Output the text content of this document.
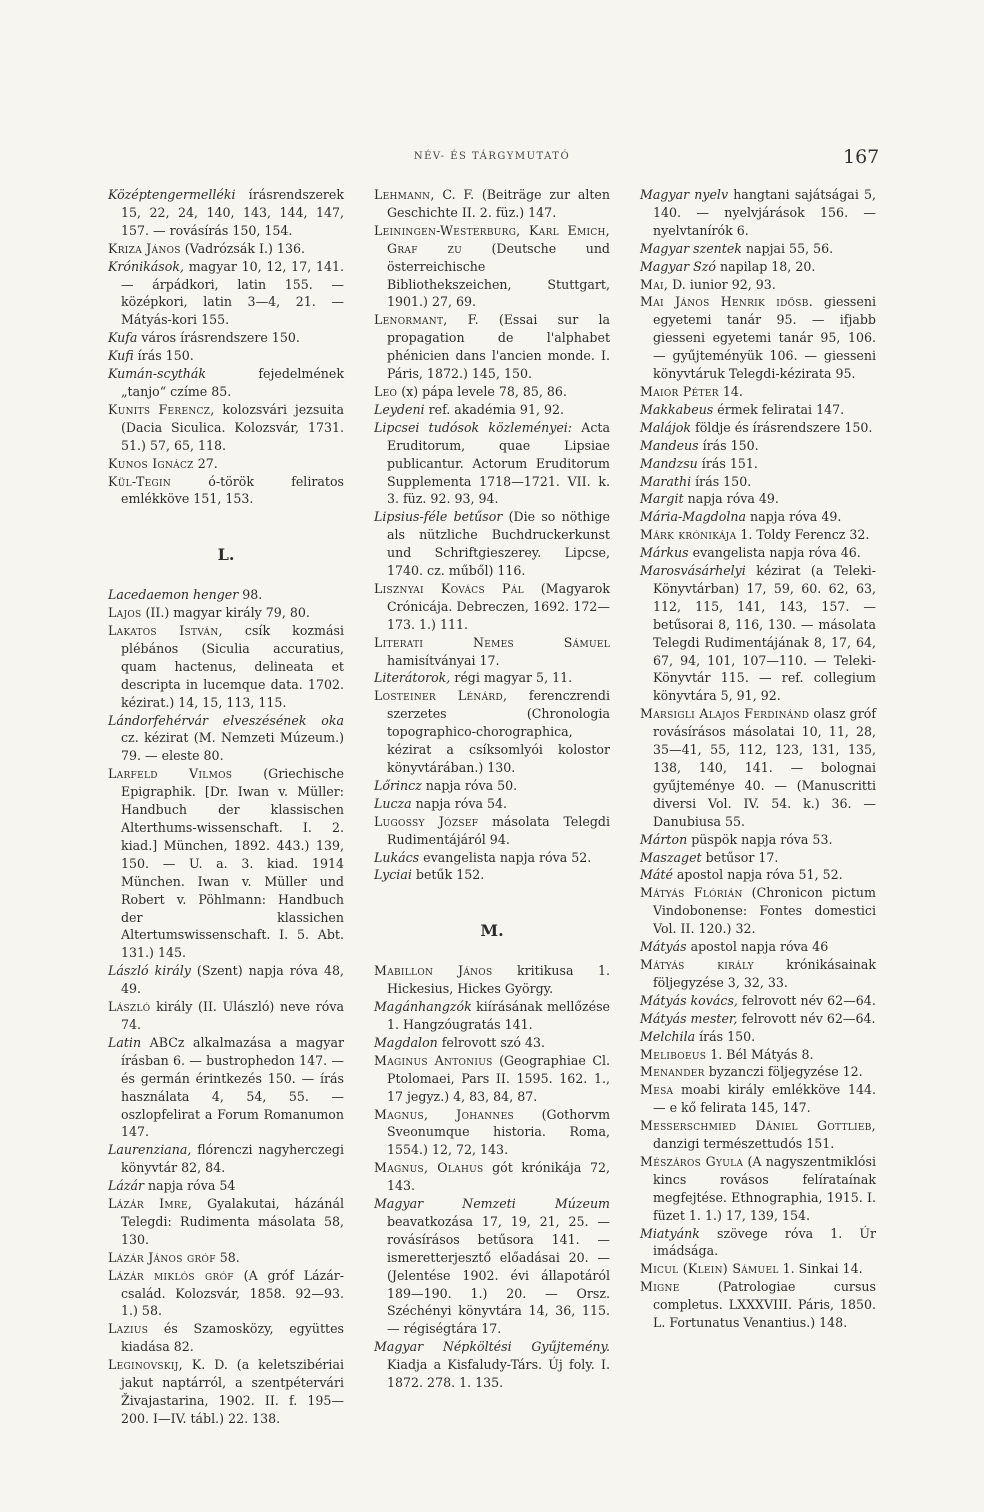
NÉV- ÉS TÁRGYMUTATÓ	167

Középtengermelléki írásrendszerek 15, 22, 24, 140, 143, 144, 147, 157. — rovásírás 150, 154.

Kriza János (Vadrózsák I.) 136.

Krónikások, magyar 10, 12, 17, 141. — árpádkori, latin 155. — középkori, latin 3—4, 21. — Mátyás-kori 155.

Kufa város írásrendszere 150.

Kufi írás 150.

Kumán-scythák fejedelmének „tanjo“ czíme 85.

Kunits Ferencz, kolozsvári jezsuita (Dacia Siculica. Kolozsvár, 1731. 51.) 57, 65, 118.

Kunos Ignácz 27.

Kül-Tegin ó-török feliratos emlékköve 151, 153.

L.

Lacedaemon henger 98.

Lajos (II.) magyar király 79, 80.

Lakatos István, csík kozmási plébános (Siculia accuratius, quam hactenus, delineata et descripta in lucemque data. 1702. kézirat.) 14, 15, 113, 115.

Lándorfehérvár elveszésének oka cz. kézirat (M. Nemzeti Múzeum.) 79. — eleste 80.

Larfeld Vilmos (Griechische Epigraphik. [Dr. Iwan v. Müller: Handbuch der klassischen Alterthums-wissenschaft. I. 2. kiad.] München, 1892. 443.) 139, 150. — U. a. 3. kiad. 1914 München. Iwan v. Müller und Robert v. Pöhlmann: Handbuch der klassichen Altertumswissenschaft. I. 5. Abt. 131.) 145.

László király (Szent) napja róva 48, 49.

László király (II. Ulászló) neve róva 74.

Latin ABCz alkalmazása a magyar írásban 6. — bustrophedon 147. — és germán érintkezés 150. — írás használata 4, 54, 55. — oszlopfelirat a Forum Romanumon 147.

Laurenziana, flórenczi nagyherczegi könyvtár 82, 84.

Lázár napja róva 54

Lázár Imre, Gyalakutai, házánál Telegdi: Rudimenta másolata 58, 130.

Lázár János gróf 58.

Lázár miklós gróf (A gróf Lázár-család. Kolozsvár, 1858. 92—93. 1.) 58.

Lazius és Szamosközy, együttes kiadása 82.

Leginovskij, K. D. (a keletszibériai jakut naptárról, a szentpétervári Živajastarina, 1902. II. f. 195—200. I—IV. tábl.) 22. 138.

Lehmann, C. F. (Beiträge zur alten Geschichte II. 2. füz.) 147.

Leiningen-Westerburg, Karl Emich, Graf zu (Deutsche und österreichische Bibliothekszeichen, Stuttgart, 1901.) 27, 69.

Lenormant, F. (Essai sur la propagation de l'alphabet phénicien dans l'ancien monde. I. Páris, 1872.) 145, 150.

Leo (x) pápa levele 78, 85, 86.

Leydeni ref. akadémia 91, 92.

Lipcsei tudósok közleményei: Acta Eruditorum, quae Lipsiae publicantur. Actorum Eruditorum Supplementa 1718—1721. VII. k. 3. füz. 92. 93, 94.

Lipsius-féle betűsor (Die so nöthige als nützliche Buchdruckerkunst und Schriftgieszerey. Lipcse, 1740. cz. műből) 116.

Lisznyai Kovács Pál (Magyarok Crónicája. Debreczen, 1692. 172—173. 1.) 111.

Literati Nemes Sámuel hamisítványai 17.

Literátorok, régi magyar 5, 11.

Losteiner Lénárd, ferenczrendi szerzetes (Chronologia topographico-chorographica, kézirat a csíksomlyói kolostor könyvtárában.) 130.

Lőrincz napja róva 50.

Lucza napja róva 54.

Lugossy József másolata Telegdi Rudimentájáról 94.

Lukács evangelista napja róva 52.

Lyciai betűk 152.

M.

Mabillon János kritikusa 1. Hickesius, Hickes György.

Magánhangzók kiírásának mellőzése 1. Hangzóugratás 141.

Magdalon felrovott szó 43.

Maginus Antonius (Geographiae Cl. Ptolomaei, Pars II. 1595. 162. 1., 17 jegyz.) 4, 83, 84, 87.

Magnus, Johannes (Gothorvm Sveonumque historia. Roma, 1554.) 12, 72, 143.

Magnus, Olahus gót krónikája 72, 143.

Magyar Nemzeti Múzeum beavatkozása 17, 19, 21, 25. — rovásírásos betűsora 141. — ismeretterjesztő előadásai 20. — (Jelentése 1902. évi állapotáról 189—190. 1.) 20. — Orsz. Széchényi könyvtára 14, 36, 115. — régiségtára 17.

Magyar Népköltési Gyűjtemény. Kiadja a Kisfaludy-Társ. Új foly. I. 1872. 278. 1. 135.

Magyar nyelv hangtani sajátságai 5, 140. — nyelvjárások 156. — nyelvtanírók 6.

Magyar szentek napjai 55, 56.

Magyar Szó napilap 18, 20.

Mai, D. iunior 92, 93.

Mai János Henrik idősb. giesseni egyetemi tanár 95. — ifjabb giesseni egyetemi tanár 95, 106. — gyűjteményük 106. — giesseni könyvtáruk Telegdi-kézirata 95.

Maior Péter 14.

Makkabeus érmek feliratai 147.

Malájok földje és írásrendszere 150.

Mandeus írás 150.

Mandzsu írás 151.

Marathi írás 150.

Margit napja róva 49.

Mária-Magdolna napja róva 49.

Márk krónikája 1. Toldy Ferencz 32.

Márkus evangelista napja róva 46.

Marosvásárhelyi kézirat (a Teleki-Könyvtárban) 17, 59, 60. 62, 63, 112, 115, 141, 143, 157. — betűsorai 8, 116, 130. — másolata Telegdi Rudimentájának 8, 17, 64, 67, 94, 101, 107—110. — Teleki-Könyvtár 115. — ref. collegium könyvtára 5, 91, 92.

Marsigli Alajos Ferdinánd olasz gróf rovásírásos másolatai 10, 11, 28, 35—41, 55, 112, 123, 131, 135, 138, 140, 141. — bolognai gyűjteménye 40. — (Manuscritti diversi Vol. IV. 54. k.) 36. — Danubiusa 55.

Márton püspök napja róva 53.

Maszaget betűsor 17.

Máté apostol napja róva 51, 52.

Mátyás Flórián (Chronicon pictum Vindobonense: Fontes domestici Vol. II. 120.) 32.

Mátyás apostol napja róva 46

Mátyás király krónikásainak följegyzése 3, 32, 33.

Mátyás kovács, felrovott név 62—64.

Mátyás mester, felrovott név 62—64.

Melchila írás 150.

Meliboeus 1. Bél Mátyás 8.

Menander byzanczi följegyzése 12.

Mesa moabi király emlékköve 144. — e kő felirata 145, 147.

Messerschmied Dániel Gottlieb, danzigi természettudós 151.

Mészáros Gyula (A nagyszentmiklósi kincs rovásos felírataínak megfejtése. Ethnographia, 1915. I. füzet 1. 1.) 17, 139, 154.

Miatyánk szövege róva 1. Úr imádsága.

Micul (Klein) Sámuel 1. Sinkai 14.

Migne (Patrologiae cursus completus. LXXXVIII. Páris, 1850. L. Fortunatus Venantius.) 148.
